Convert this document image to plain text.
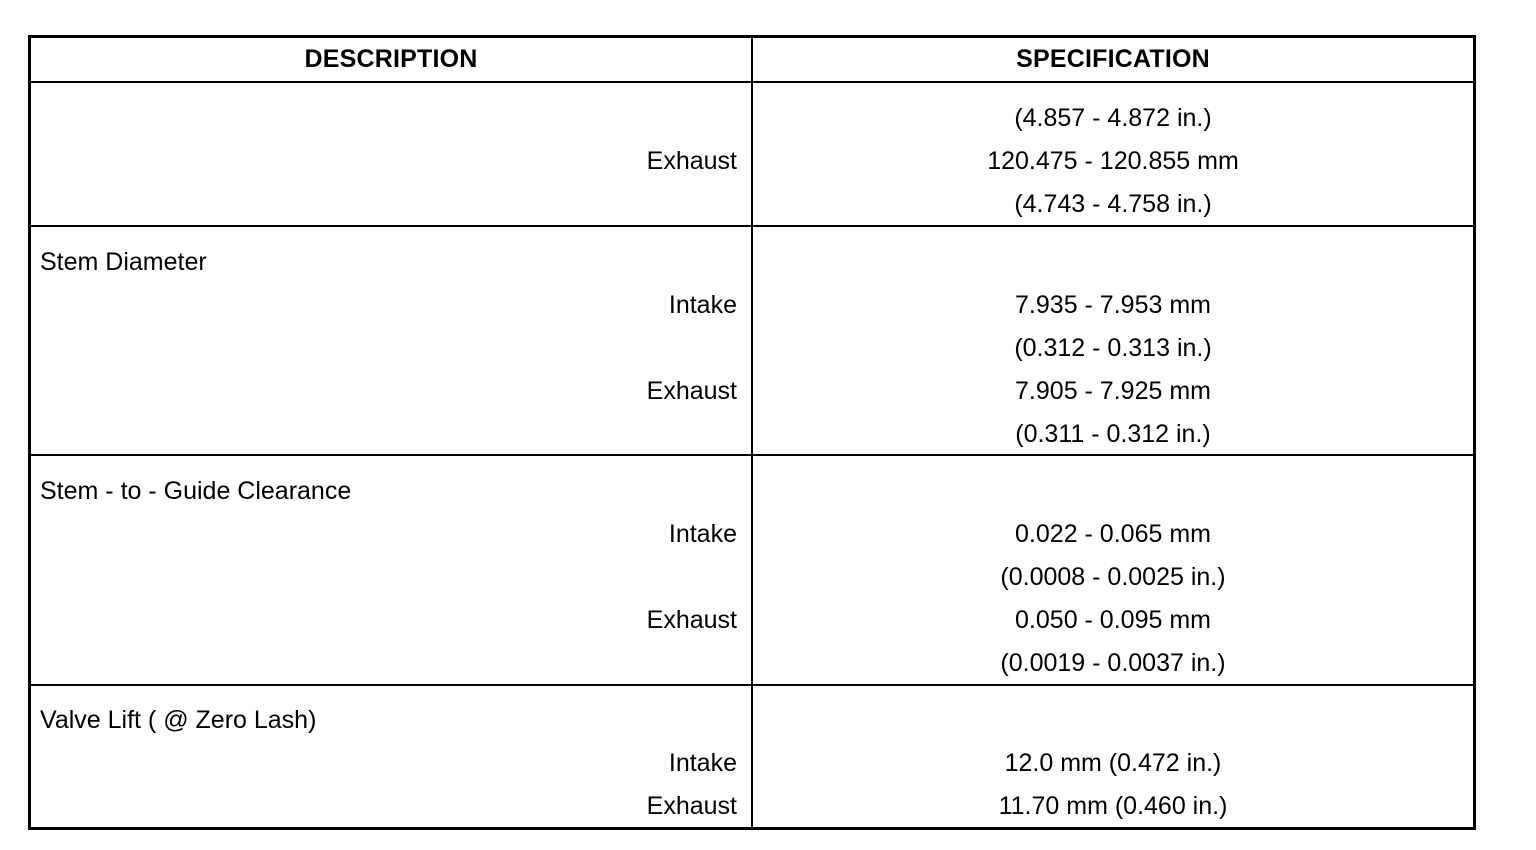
DESCRIPTION	SPECIFICATION
(4.857 - 4.872 in.)
Exhaust	120.475 - 120.855 mm
(4.743 - 4.758 in.)
Stem Diameter
Intake	7.935 - 7.953 mm
(0.312 - 0.313 in.)
Exhaust	7.905 - 7.925 mm
(0.311 - 0.312 in.)
Stem - to - Guide Clearance
Intake	0.022 - 0.065 mm
(0.0008 - 0.0025 in.)
Exhaust	0.050 - 0.095 mm
(0.0019 - 0.0037 in.)
Valve Lift ( @ Zero Lash)
Intake	12.0 mm (0.472 in.)
Exhaust	11.70 mm (0.460 in.)
